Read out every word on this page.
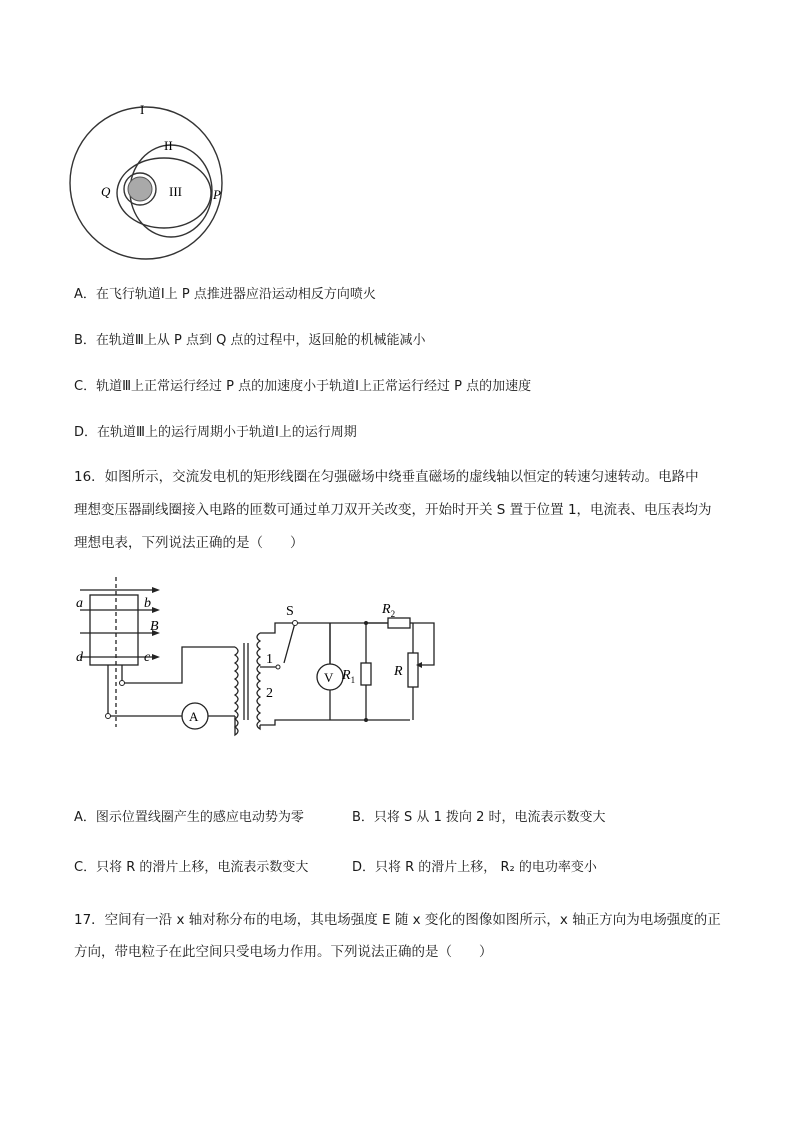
I
II
III
Q	P
A．在飞行轨道Ⅰ上 P 点推进器应沿运动相反方向喷火
B．在轨道Ⅲ上从 P 点到 Q 点的过程中，返回舱的机械能减小
C．轨道Ⅲ上正常运行经过 P 点的加速度小于轨道Ⅰ上正常运行经过 P 点的加速度
D．在轨道Ⅲ上的运行周期小于轨道Ⅰ上的运行周期
16．如图所示，交流发电机的矩形线圈在匀强磁场中绕垂直磁场的虚线轴以恒定的转速匀速转动。电路中
理想变压器副线圈接入电路的匝数可通过单刀双开关改变，开始时开关 S 置于位置 1，电流表、电压表均为
理想电表，下列说法正确的是（　　）
A
V
a	b
B
d	c
S
1
2
$R_1$
$R_2$
R
A．图示位置线圈产生的感应电动势为零	B．只将 S 从 1 拨向 2 时，电流表示数变大
C．只将 R 的滑片上移，电流表示数变大	D．只将 R 的滑片上移， R₂ 的电功率变小
17．空间有一沿 x 轴对称分布的电场，其电场强度 E 随 x 变化的图像如图所示，x 轴正方向为电场强度的正
方向，带电粒子在此空间只受电场力作用。下列说法正确的是（　　）
